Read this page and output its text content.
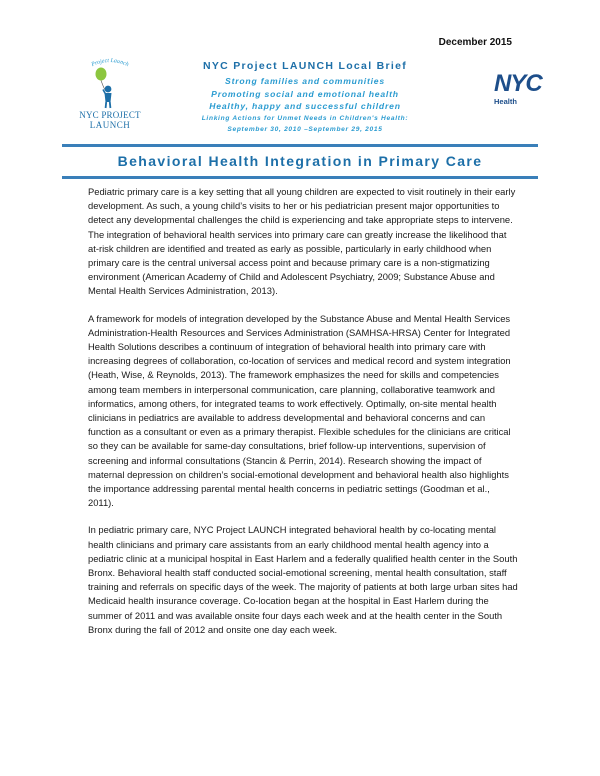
December 2015
Project Launch
NYC PROJECT
LAUNCH
NYC Project LAUNCH Local Brief
Strong families and communities
Promoting social and emotional health
Healthy, happy and successful children
Linking Actions for Unmet Needs in Children's Health:
September 30, 2010 –September 29, 2015
NYC
Health
Behavioral Health Integration in Primary Care

Pediatric primary care is a key setting that all young children are expected to visit routinely in their early development. As such, a young child’s visits to her or his pediatrician present major opportunities to detect any developmental challenges the child is experiencing and take appropriate steps to intervene. The integration of behavioral health services into primary care can greatly increase the likelihood that at-risk children are identified and treated as early as possible, particularly in early childhood when primary care is the central universal access point and because primary care is a non-stigmatizing environment (American Academy of Child and Adolescent Psychiatry, 2009; Substance Abuse and Mental Health Services Administration, 2013).

A framework for models of integration developed by the Substance Abuse and Mental Health Services Administration-Health Resources and Services Administration (SAMHSA-HRSA) Center for Integrated Health Solutions describes a continuum of integration of behavioral health into primary care with increasing degrees of collaboration, co-location of services and medical record and system integration (Heath, Wise, & Reynolds, 2013). The framework emphasizes the need for skills and competencies among team members in interpersonal communication, care planning, collaborative teamwork and informatics, among others, for integrated teams to work effectively. Optimally, on-site mental health clinicians in pediatrics are available to address developmental and behavioral concerns and can function as a consultant or even as a primary therapist. Flexible schedules for the clinicians are critical so they can be available for same-day consultations, brief follow-up interventions, supervision of screening and informal consultations (Stancin & Perrin, 2014). Research showing the impact of maternal depression on children’s social-emotional development and behavioral health also highlights the importance addressing parental mental health concerns in pediatric settings (Goodman et al., 2011).

In pediatric primary care, NYC Project LAUNCH integrated behavioral health by co-locating mental health clinicians and primary care assistants from an early childhood mental health agency into a pediatric clinic at a municipal hospital in East Harlem and a federally qualified health center in the South Bronx. Behavioral health staff conducted social-emotional screening, mental health consultation, staff training and referrals on specific days of the week. The majority of patients at both large urban sites had Medicaid health insurance coverage. Co-location began at the hospital in East Harlem during the summer of 2011 and was available onsite four days each week and at the health center in the South Bronx during the fall of 2012 and onsite one day each week.
